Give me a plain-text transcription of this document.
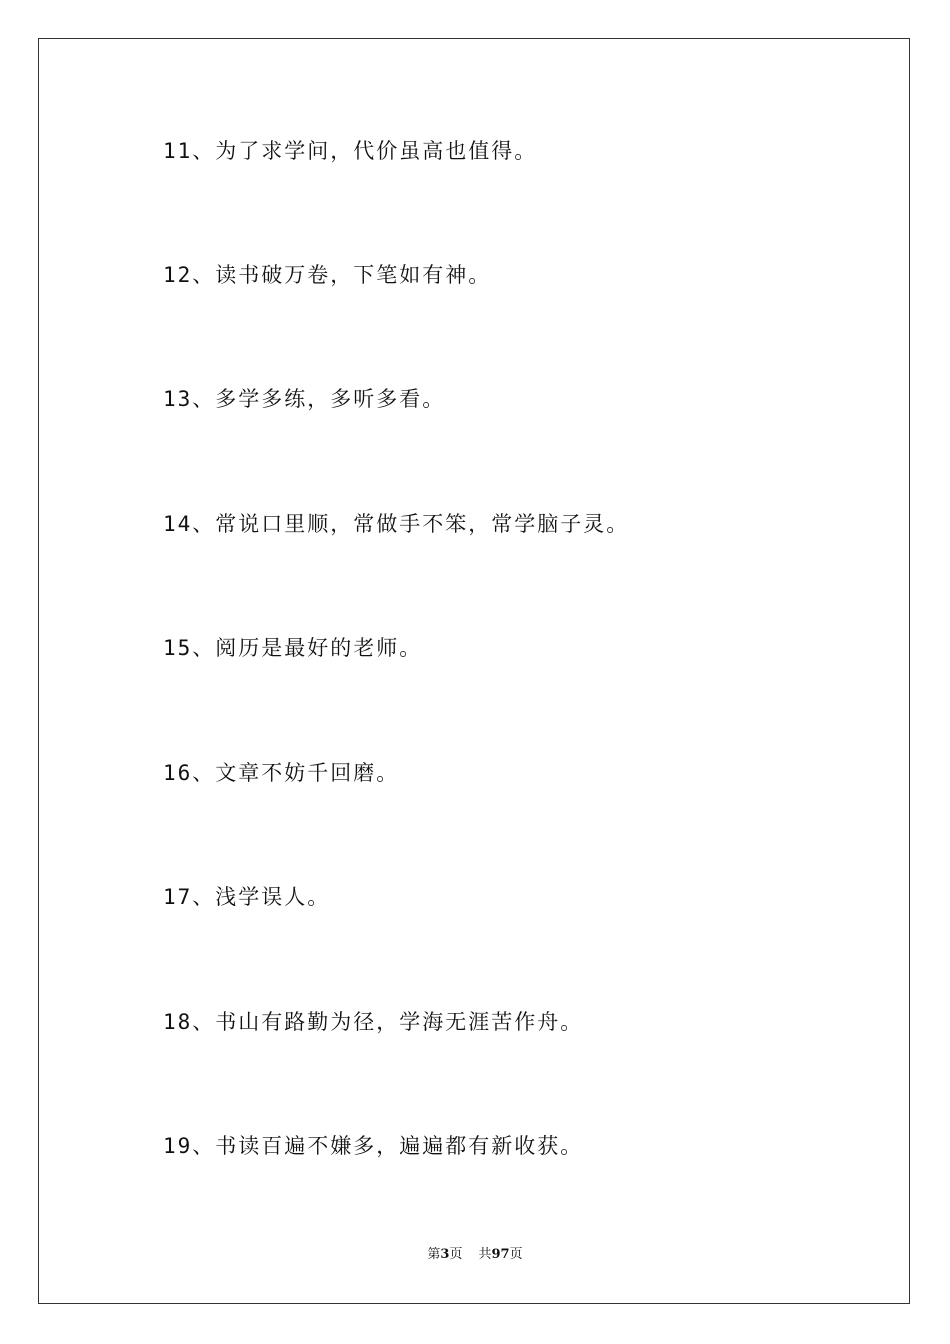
11、为了求学问，代价虽高也值得。
12、读书破万卷，下笔如有神。
13、多学多练，多听多看。
14、常说口里顺，常做手不笨，常学脑子灵。
15、阅历是最好的老师。
16、文章不妨千回磨。
17、浅学误人。
18、书山有路勤为径，学海无涯苦作舟。
19、书读百遍不嫌多，遍遍都有新收获。
第3页 共97页
